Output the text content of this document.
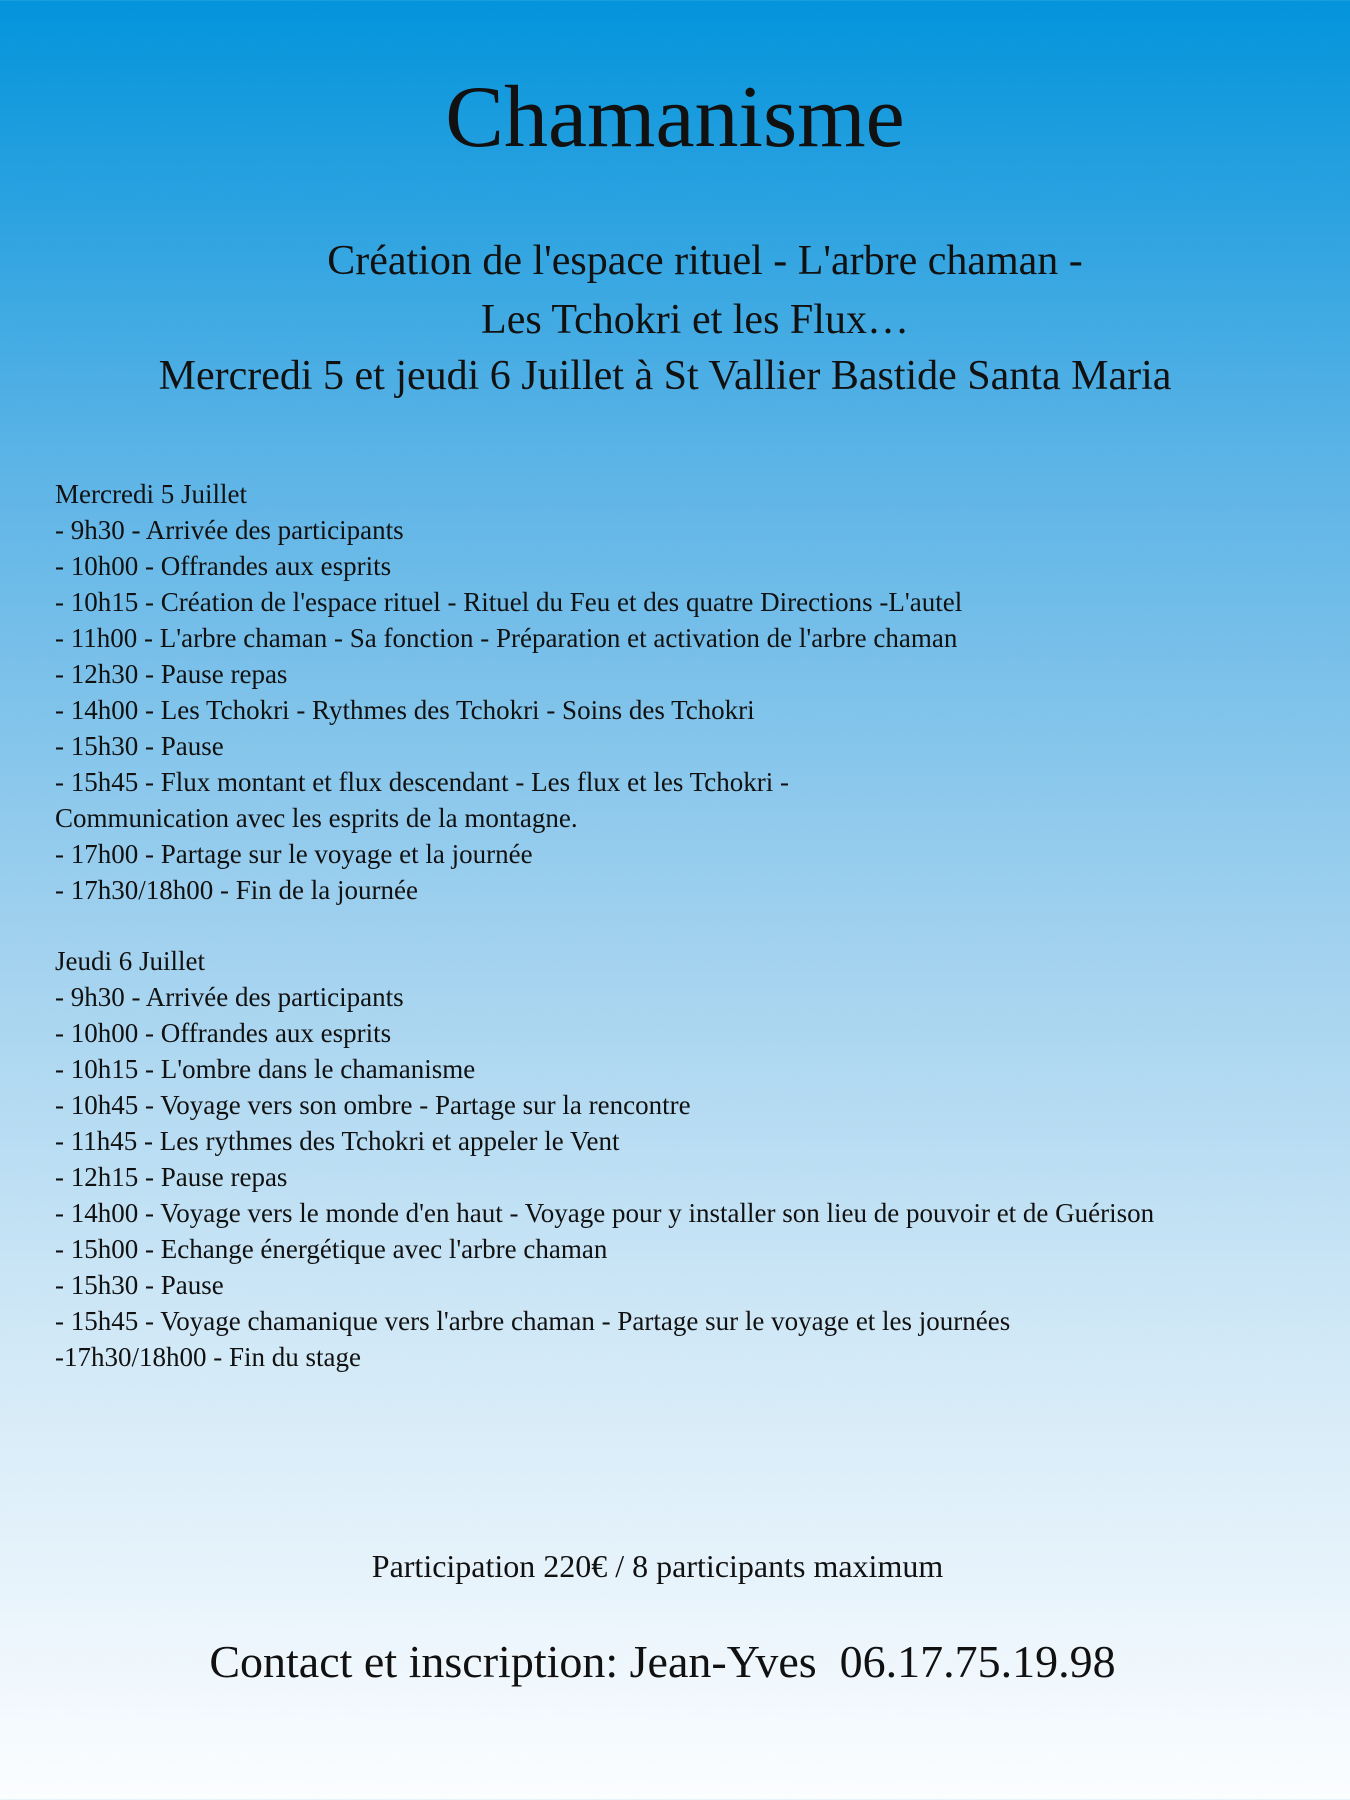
Chamanisme
Création de l'espace rituel - L'arbre chaman -
Les Tchokri et les Flux…
Mercredi 5 et jeudi 6 Juillet à St Vallier Bastide Santa Maria
Mercredi 5 Juillet
- 9h30 - Arrivée des participants
- 10h00 - Offrandes aux esprits
- 10h15 - Création de l'espace rituel - Rituel du Feu et des quatre Directions -L'autel
- 11h00 - L'arbre chaman - Sa fonction - Préparation et activation de l'arbre chaman
- 12h30 - Pause repas
- 14h00 - Les Tchokri - Rythmes des Tchokri - Soins des Tchokri
- 15h30 - Pause
- 15h45 - Flux montant et flux descendant - Les flux et les Tchokri -
Communication avec les esprits de la montagne.
- 17h00 - Partage sur le voyage et la journée
- 17h30/18h00 - Fin de la journée
Jeudi 6 Juillet
- 9h30 - Arrivée des participants
- 10h00 - Offrandes aux esprits
- 10h15 - L'ombre dans le chamanisme
- 10h45 - Voyage vers son ombre - Partage sur la rencontre
- 11h45 - Les rythmes des Tchokri et appeler le Vent
- 12h15 - Pause repas
- 14h00 - Voyage vers le monde d'en haut - Voyage pour y installer son lieu de pouvoir et de Guérison
- 15h00 - Echange énergétique avec l'arbre chaman
- 15h30 - Pause
- 15h45 - Voyage chamanique vers l'arbre chaman - Partage sur le voyage et les journées
-17h30/18h00 - Fin du stage
Participation 220€ / 8 participants maximum
Contact et inscription: Jean-Yves  06.17.75.19.98
